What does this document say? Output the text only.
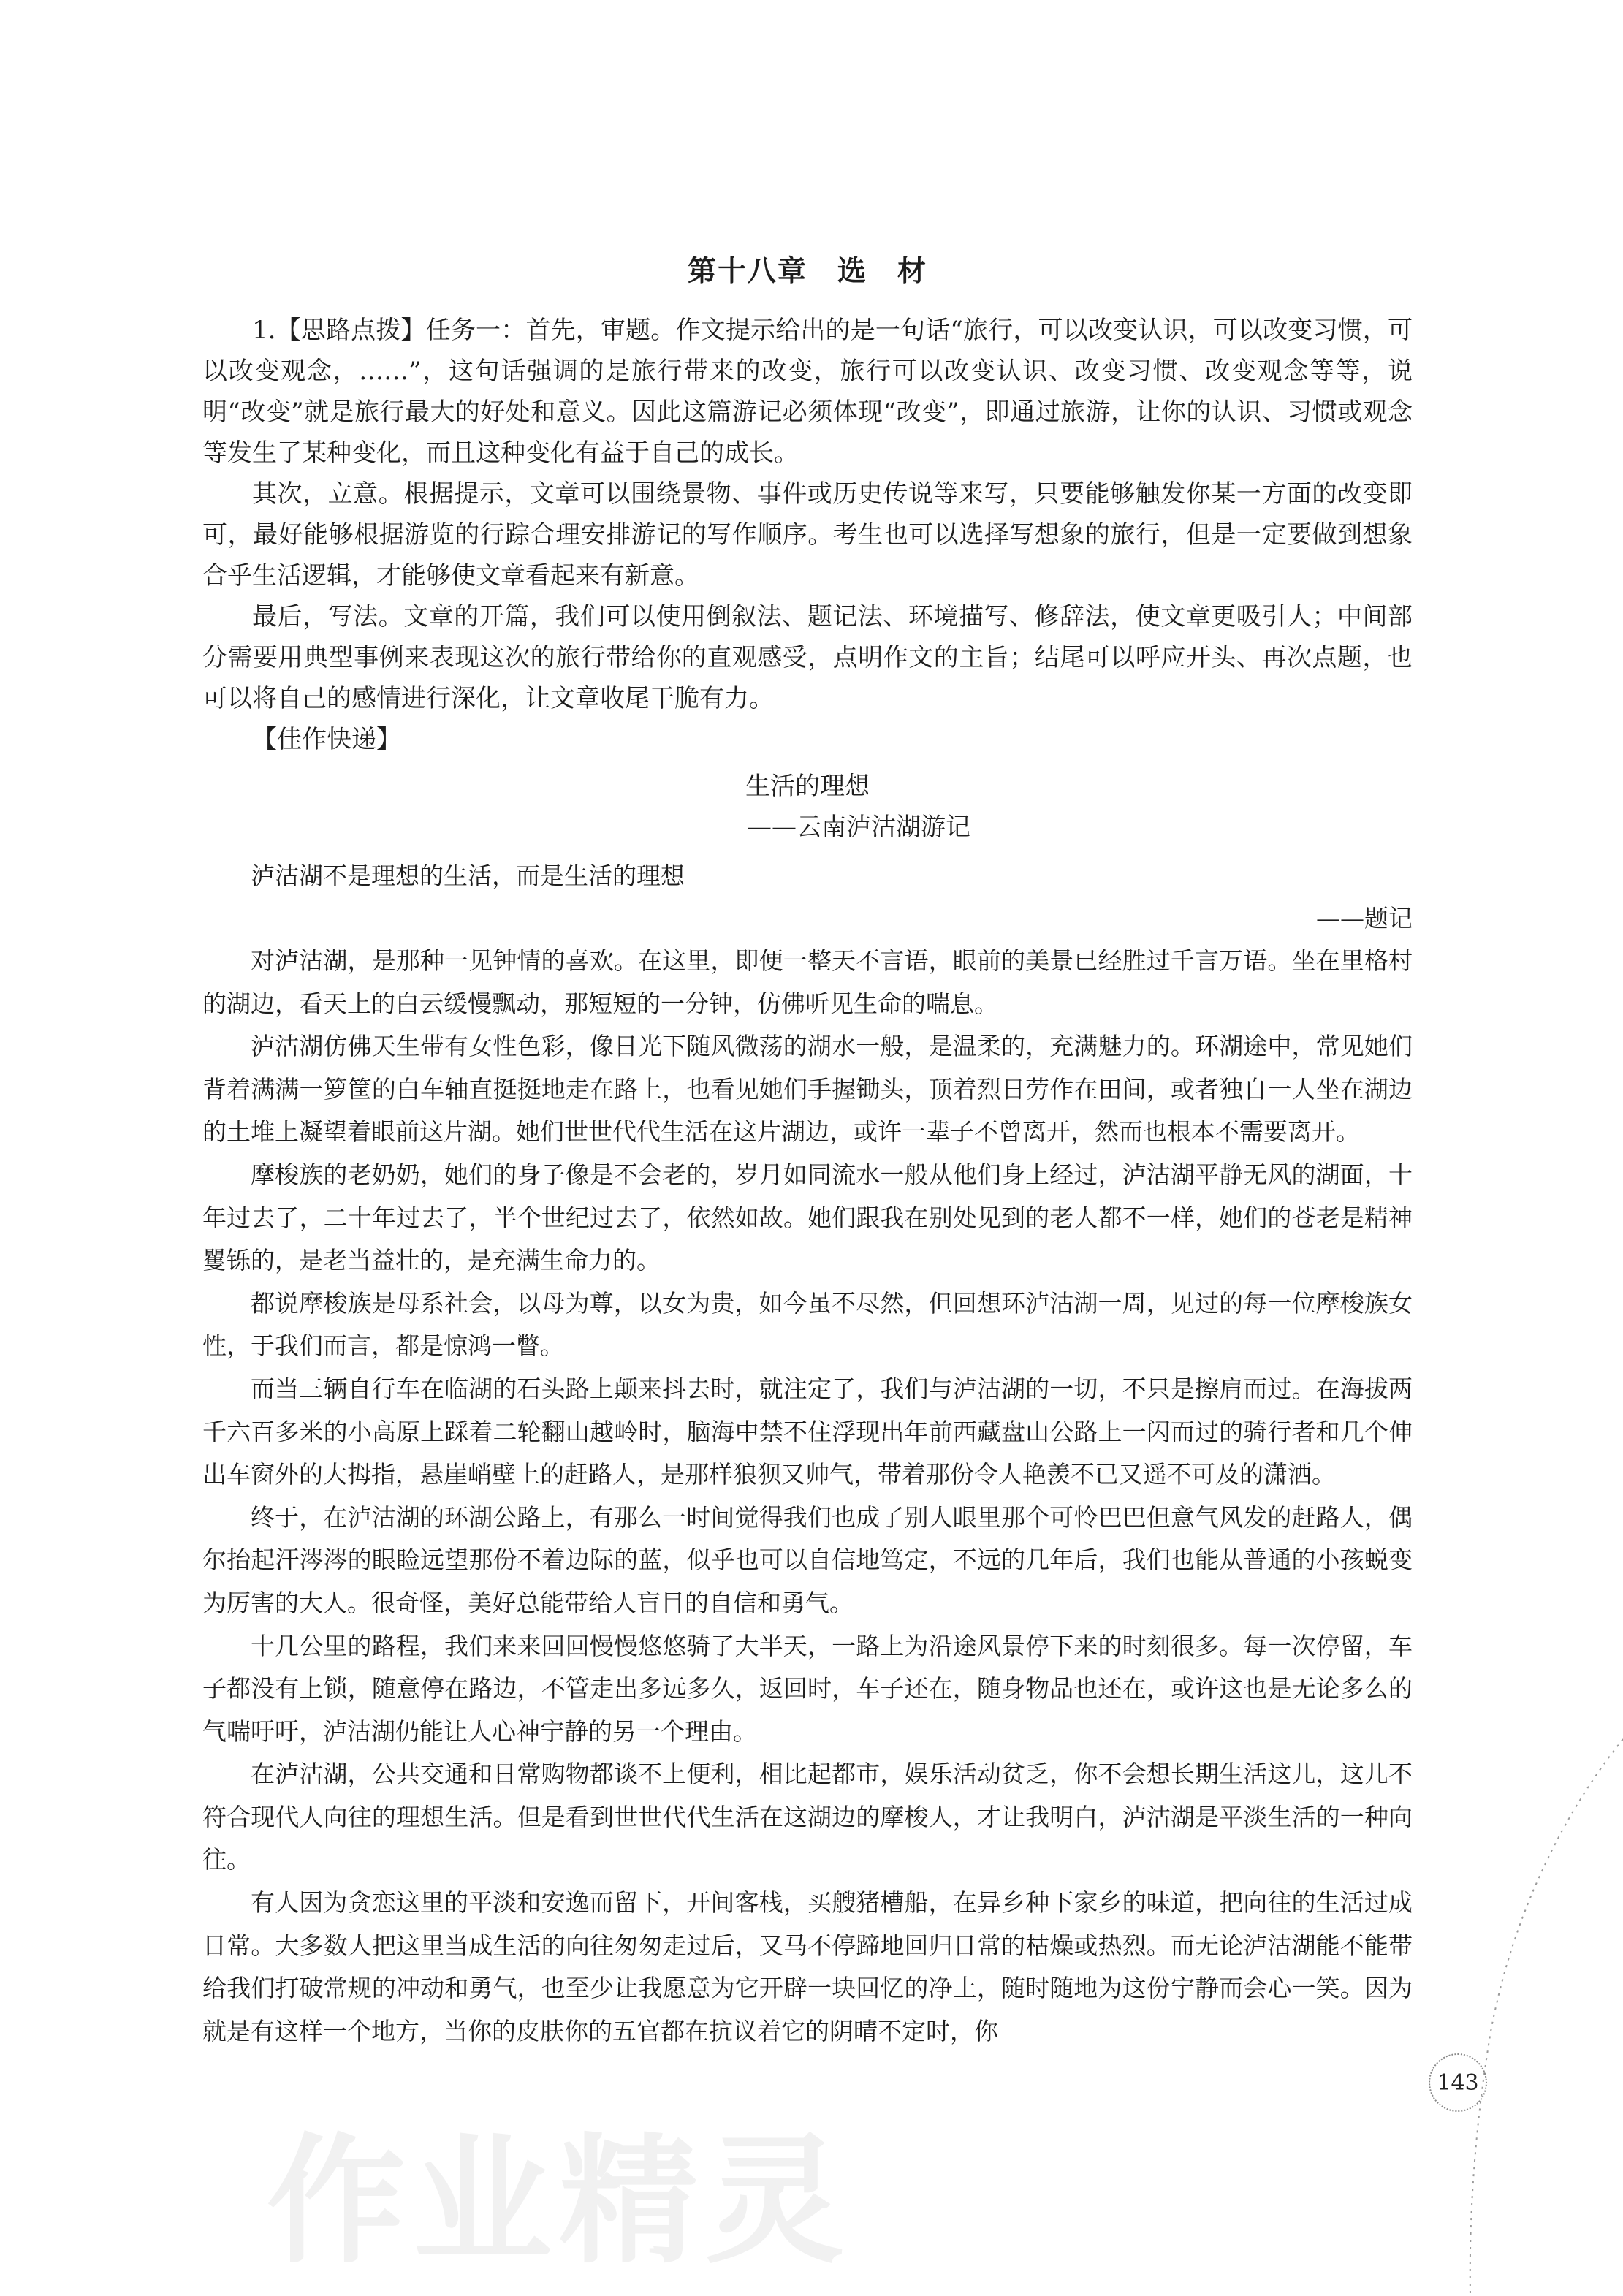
第十八章　选　材

1.【思路点拨】任务一：首先，审题。作文提示给出的是一句话“旅行，可以改变认识，可以改变习惯，可以改变观念，……”，这句话强调的是旅行带来的改变，旅行可以改变认识、改变习惯、改变观念等等，说明“改变”就是旅行最大的好处和意义。因此这篇游记必须体现“改变”，即通过旅游，让你的认识、习惯或观念等发生了某种变化，而且这种变化有益于自己的成长。

其次，立意。根据提示，文章可以围绕景物、事件或历史传说等来写，只要能够触发你某一方面的改变即可，最好能够根据游览的行踪合理安排游记的写作顺序。考生也可以选择写想象的旅行，但是一定要做到想象合乎生活逻辑，才能够使文章看起来有新意。

最后，写法。文章的开篇，我们可以使用倒叙法、题记法、环境描写、修辞法，使文章更吸引人；中间部分需要用典型事例来表现这次的旅行带给你的直观感受，点明作文的主旨；结尾可以呼应开头、再次点题，也可以将自己的感情进行深化，让文章收尾干脆有力。

【佳作快递】

生活的理想

——云南泸沽湖游记

泸沽湖不是理想的生活，而是生活的理想

——题记

对泸沽湖，是那种一见钟情的喜欢。在这里，即便一整天不言语，眼前的美景已经胜过千言万语。坐在里格村的湖边，看天上的白云缓慢飘动，那短短的一分钟，仿佛听见生命的喘息。

泸沽湖仿佛天生带有女性色彩，像日光下随风微荡的湖水一般，是温柔的，充满魅力的。环湖途中，常见她们背着满满一箩筐的白车轴直挺挺地走在路上，也看见她们手握锄头，顶着烈日劳作在田间，或者独自一人坐在湖边的土堆上凝望着眼前这片湖。她们世世代代生活在这片湖边，或许一辈子不曾离开，然而也根本不需要离开。

摩梭族的老奶奶，她们的身子像是不会老的，岁月如同流水一般从他们身上经过，泸沽湖平静无风的湖面，十年过去了，二十年过去了，半个世纪过去了，依然如故。她们跟我在别处见到的老人都不一样，她们的苍老是精神矍铄的，是老当益壮的，是充满生命力的。

都说摩梭族是母系社会，以母为尊，以女为贵，如今虽不尽然，但回想环泸沽湖一周，见过的每一位摩梭族女性，于我们而言，都是惊鸿一瞥。

而当三辆自行车在临湖的石头路上颠来抖去时，就注定了，我们与泸沽湖的一切，不只是擦肩而过。在海拔两千六百多米的小高原上踩着二轮翻山越岭时，脑海中禁不住浮现出年前西藏盘山公路上一闪而过的骑行者和几个伸出车窗外的大拇指，悬崖峭壁上的赶路人，是那样狼狈又帅气，带着那份令人艳羡不已又遥不可及的潇洒。

终于，在泸沽湖的环湖公路上，有那么一时间觉得我们也成了别人眼里那个可怜巴巴但意气风发的赶路人，偶尔抬起汗涔涔的眼睑远望那份不着边际的蓝，似乎也可以自信地笃定，不远的几年后，我们也能从普通的小孩蜕变为厉害的大人。很奇怪，美好总能带给人盲目的自信和勇气。

十几公里的路程，我们来来回回慢慢悠悠骑了大半天，一路上为沿途风景停下来的时刻很多。每一次停留，车子都没有上锁，随意停在路边，不管走出多远多久，返回时，车子还在，随身物品也还在，或许这也是无论多么的气喘吁吁，泸沽湖仍能让人心神宁静的另一个理由。

在泸沽湖，公共交通和日常购物都谈不上便利，相比起都市，娱乐活动贫乏，你不会想长期生活这儿，这儿不符合现代人向往的理想生活。但是看到世世代代生活在这湖边的摩梭人，才让我明白，泸沽湖是平淡生活的一种向往。

有人因为贪恋这里的平淡和安逸而留下，开间客栈，买艘猪槽船，在异乡种下家乡的味道，把向往的生活过成日常。大多数人把这里当成生活的向往匆匆走过后，又马不停蹄地回归日常的枯燥或热烈。而无论泸沽湖能不能带给我们打破常规的冲动和勇气，也至少让我愿意为它开辟一块回忆的净土，随时随地为这份宁静而会心一笑。因为就是有这样一个地方，当你的皮肤你的五官都在抗议着它的阴晴不定时，你

作业精灵
143
